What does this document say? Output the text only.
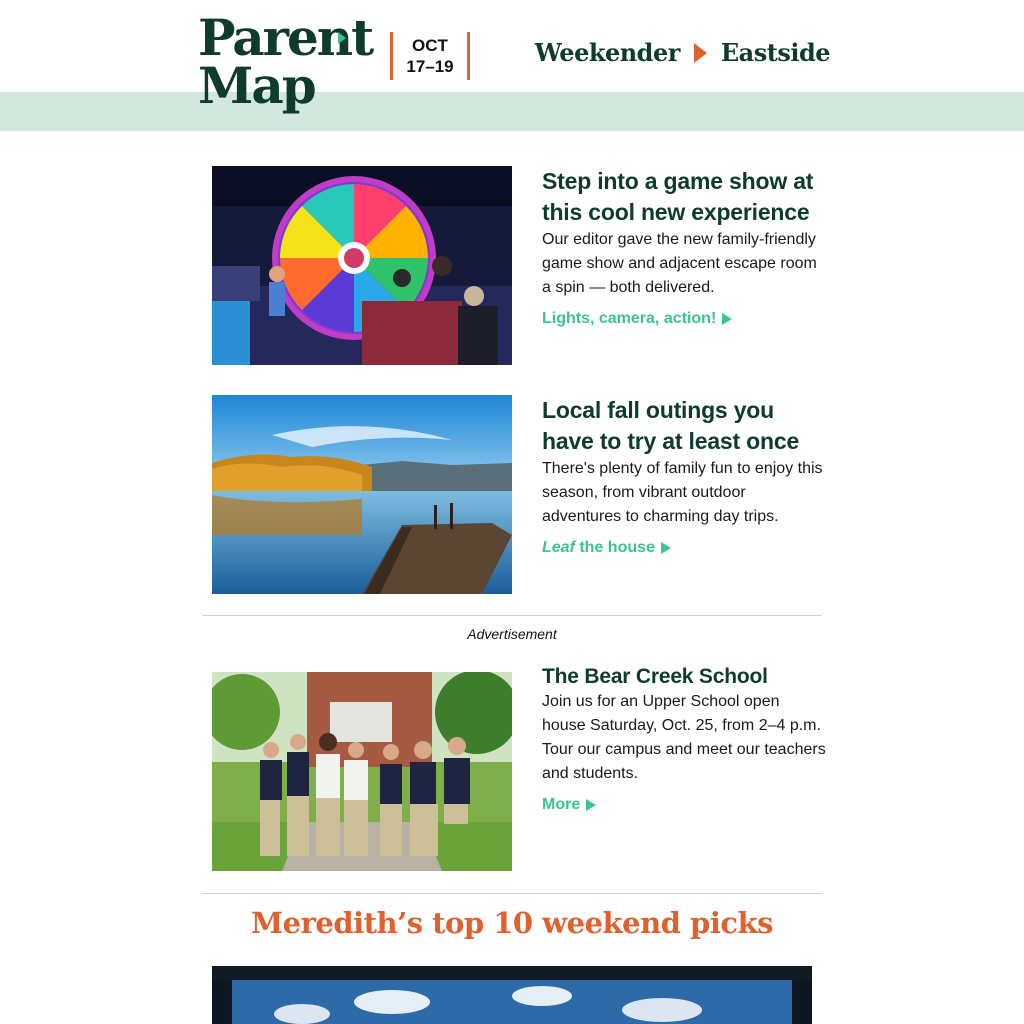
Parent
Map
OCT
17–19	Weekender Eastside
Step into a game show at this cool new experience

Our editor gave the new family-friendly game show and adjacent escape room a spin — both delivered.

Lights, camera, action!
Local fall outings you have to try at least once

There's plenty of family fun to enjoy this season, from vibrant outdoor adventures to charming day trips.

Leaf the house
Advertisement
The Bear Creek School

Join us for an Upper School open house Saturday, Oct. 25, from 2–4 p.m. Tour our campus and meet our teachers and students.

More
Meredith’s top 10 weekend picks
